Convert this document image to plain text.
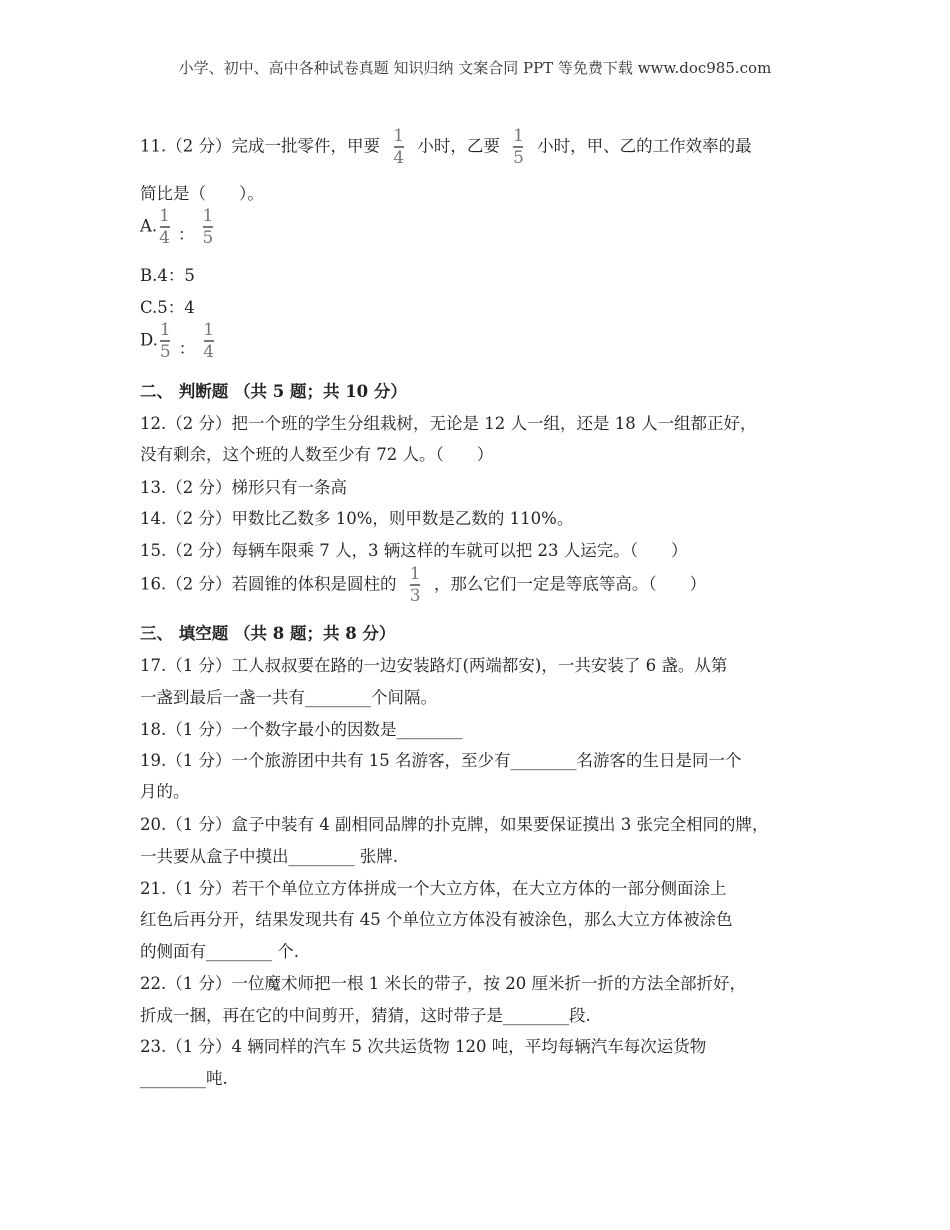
小学、初中、高中各种试卷真题 知识归纳 文案合同 PPT 等免费下载 www.doc985.com
11.（2 分）完成一批零件，甲要 $\frac{1}{4}$ 小时，乙要 $\frac{1}{5}$ 小时，甲、乙的工作效率的最
简比是（　　）。
A. $\frac{1}{4}$ ： $\frac{1}{5}$
B.4：5
C.5：4
D. $\frac{1}{5}$ ： $\frac{1}{4}$
二、 判断题 （共 5 题；共 10 分）
12.（2 分）把一个班的学生分组栽树，无论是 12 人一组，还是 18 人一组都正好，
没有剩余，这个班的人数至少有 72 人。（　　）
13.（2 分）梯形只有一条高
14.（2 分）甲数比乙数多 10%，则甲数是乙数的 110%。
15.（2 分）每辆车限乘 7 人，3 辆这样的车就可以把 23 人运完。（　　）
16.（2 分）若圆锥的体积是圆柱的 $\frac{1}{3}$ ，那么它们一定是等底等高。（　　）
三、 填空题 （共 8 题；共 8 分）
17.（1 分）工人叔叔要在路的一边安装路灯(两端都安)，一共安装了 6 盏。从第
一盏到最后一盏一共有________个间隔。
18.（1 分）一个数字最小的因数是________
19.（1 分）一个旅游团中共有 15 名游客，至少有________名游客的生日是同一个
月的。
20.（1 分）盒子中装有 4 副相同品牌的扑克牌，如果要保证摸出 3 张完全相同的牌，
一共要从盒子中摸出________ 张牌.
21.（1 分）若干个单位立方体拼成一个大立方体，在大立方体的一部分侧面涂上
红色后再分开，结果发现共有 45 个单位立方体没有被涂色，那么大立方体被涂色
的侧面有________ 个.
22.（1 分）一位魔术师把一根 1 米长的带子，按 20 厘米折一折的方法全部折好，
折成一捆，再在它的中间剪开，猜猜，这时带子是________段.
23.（1 分）4 辆同样的汽车 5 次共运货物 120 吨，平均每辆汽车每次运货物
________吨.
